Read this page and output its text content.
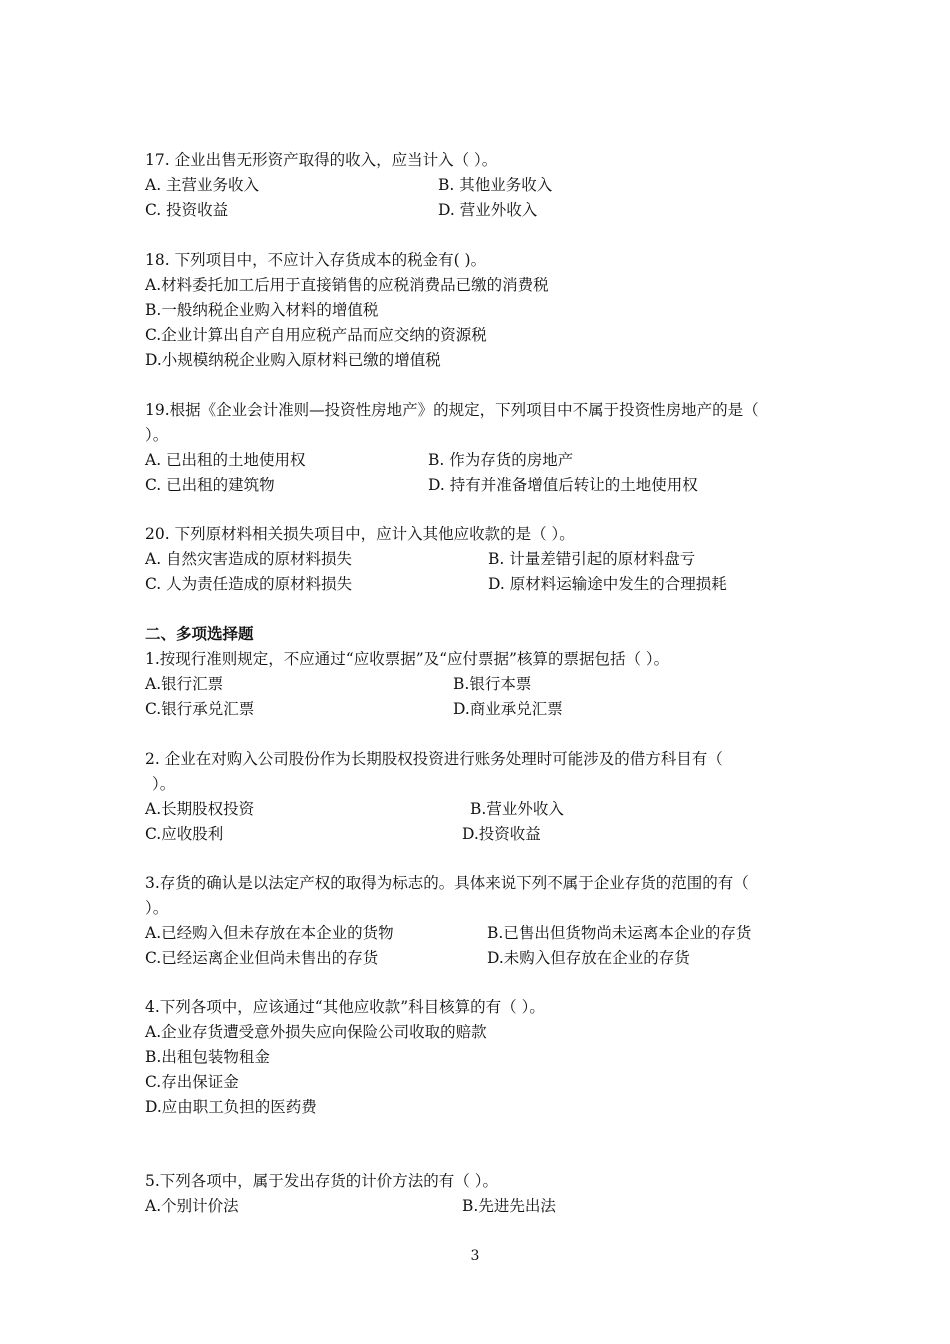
17. 企业出售无形资产取得的收入，应当计入（ ）。
A. 主营业务收入	B. 其他业务收入
C. 投资收益	D. 营业外收入
18. 下列项目中，不应计入存货成本的税金有( )。
A.材料委托加工后用于直接销售的应税消费品已缴的消费税
B.一般纳税企业购入材料的增值税
C.企业计算出自产自用应税产品而应交纳的资源税
D.小规模纳税企业购入原材料已缴的增值税
19.根据《企业会计准则—投资性房地产》的规定，下列项目中不属于投资性房地产的是（
）。
A. 已出租的土地使用权	B. 作为存货的房地产
C. 已出租的建筑物	D. 持有并准备增值后转让的土地使用权
20. 下列原材料相关损失项目中，应计入其他应收款的是（ ）。
A. 自然灾害造成的原材料损失	B. 计量差错引起的原材料盘亏
C. 人为责任造成的原材料损失	D. 原材料运输途中发生的合理损耗
二、多项选择题
1.按现行准则规定，不应通过“应收票据”及“应付票据”核算的票据包括（ ）。
A.银行汇票	B.银行本票
C.银行承兑汇票	D.商业承兑汇票
2. 企业在对购入公司股份作为长期股权投资进行账务处理时可能涉及的借方科目有（
）。
A.长期股权投资	B.营业外收入
C.应收股利	D.投资收益
3.存货的确认是以法定产权的取得为标志的。具体来说下列不属于企业存货的范围的有（
）。
A.已经购入但未存放在本企业的货物	B.已售出但货物尚未运离本企业的存货
C.已经运离企业但尚未售出的存货	D.未购入但存放在企业的存货
4.下列各项中，应该通过“其他应收款”科目核算的有（ ）。
A.企业存货遭受意外损失应向保险公司收取的赔款
B.出租包装物租金
C.存出保证金
D.应由职工负担的医药费
5.下列各项中，属于发出存货的计价方法的有（ ）。
A.个别计价法	B.先进先出法
3
